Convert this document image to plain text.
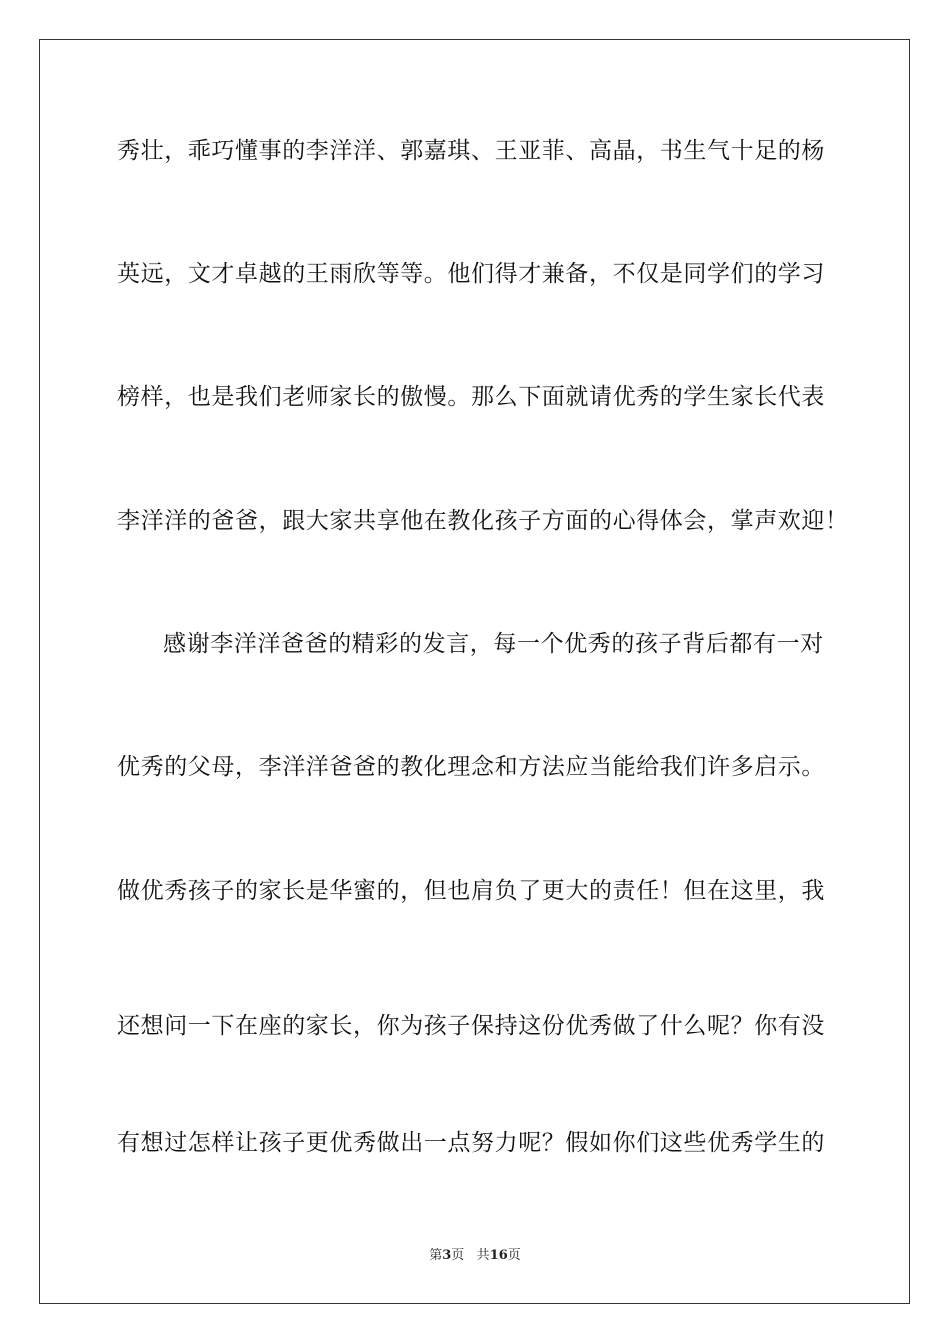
秀壮，乖巧懂事的李洋洋、郭嘉琪、王亚菲、高晶，书生气十足的杨
英远，文才卓越的王雨欣等等。他们得才兼备，不仅是同学们的学习
榜样，也是我们老师家长的傲慢。那么下面就请优秀的学生家长代表
李洋洋的爸爸，跟大家共享他在教化孩子方面的心得体会，掌声欢迎！
感谢李洋洋爸爸的精彩的发言，每一个优秀的孩子背后都有一对
优秀的父母，李洋洋爸爸的教化理念和方法应当能给我们许多启示。
做优秀孩子的家长是华蜜的，但也肩负了更大的责任！但在这里，我
还想问一下在座的家长，你为孩子保持这份优秀做了什么呢？你有没
有想过怎样让孩子更优秀做出一点努力呢？假如你们这些优秀学生的
第3页 共16页
